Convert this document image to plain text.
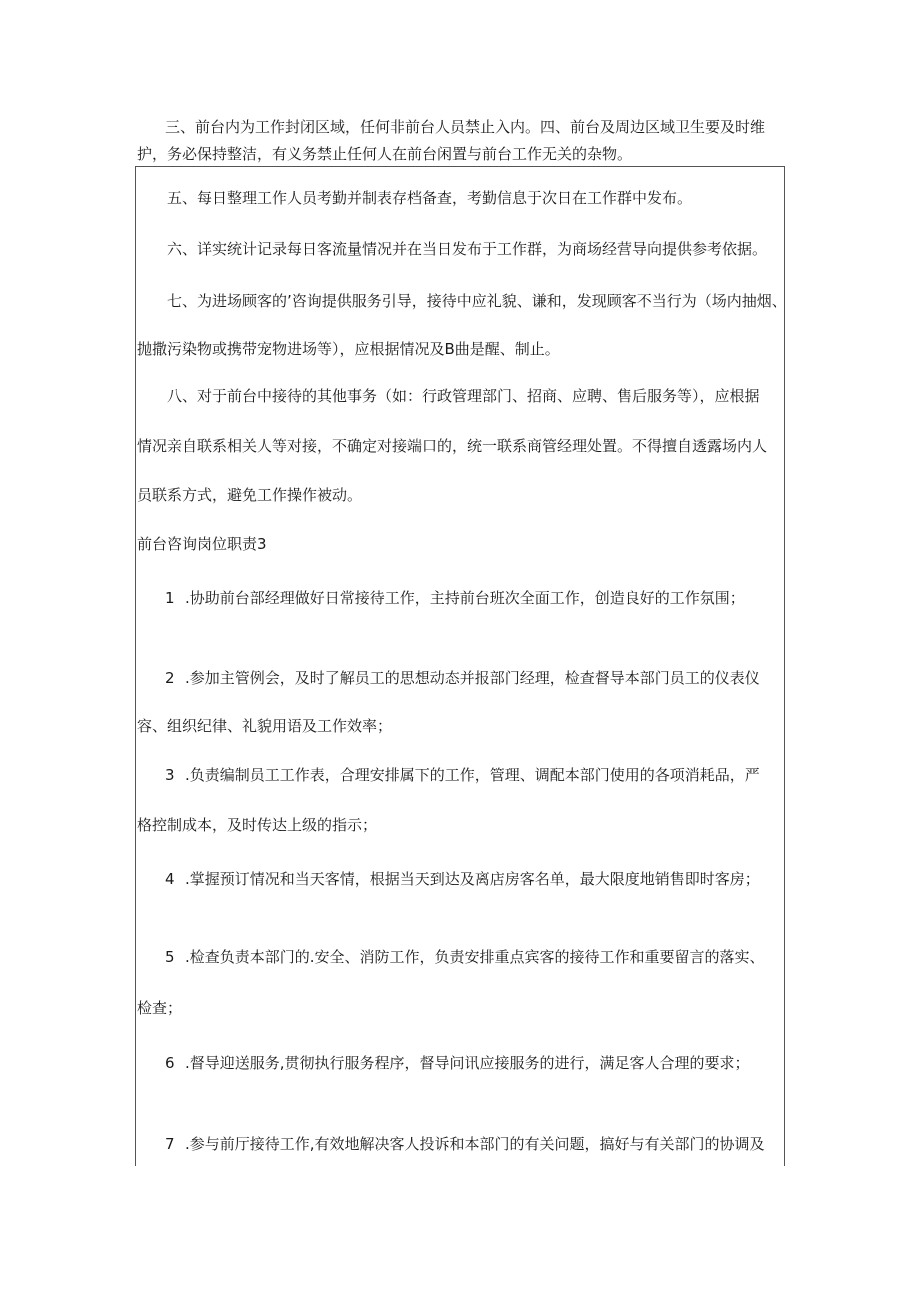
三、前台内为工作封闭区域，任何非前台人员禁止入内。四、前台及周边区域卫生要及时维
护，务必保持整洁，有义务禁止任何人在前台闲置与前台工作无关的杂物。
五、每日整理工作人员考勤并制表存档备查，考勤信息于次日在工作群中发布。
六、详实统计记录每日客流量情况并在当日发布于工作群，为商场经营导向提供参考依据。
七、为进场顾客的’咨询提供服务引导，接待中应礼貌、谦和，发现顾客不当行为（场内抽烟、
抛撒污染物或携带宠物进场等），应根据情况及B曲是醒、制止。
八、对于前台中接待的其他事务（如：行政管理部门、招商、应聘、售后服务等），应根据
情况亲自联系相关人等对接，不确定对接端口的，统一联系商管经理处置。不得擅自透露场内人
员联系方式，避免工作操作被动。
前台咨询岗位职责3
1 .协助前台部经理做好日常接待工作，主持前台班次全面工作，创造良好的工作氛围；
2 .参加主管例会，及时了解员工的思想动态并报部门经理，检查督导本部门员工的仪表仪
容、组织纪律、礼貌用语及工作效率；
3 .负责编制员工工作表，合理安排属下的工作，管理、调配本部门使用的各项消耗品，严
格控制成本，及时传达上级的指示；
4 .掌握预订情况和当天客情，根据当天到达及离店房客名单，最大限度地销售即时客房；
5 .检查负责本部门的.安全、消防工作，负责安排重点宾客的接待工作和重要留言的落实、
检查；
6 .督导迎送服务,贯彻执行服务程序，督导问讯应接服务的进行，满足客人合理的要求；
7 .参与前厅接待工作,有效地解决客人投诉和本部门的有关问题，搞好与有关部门的协调及
